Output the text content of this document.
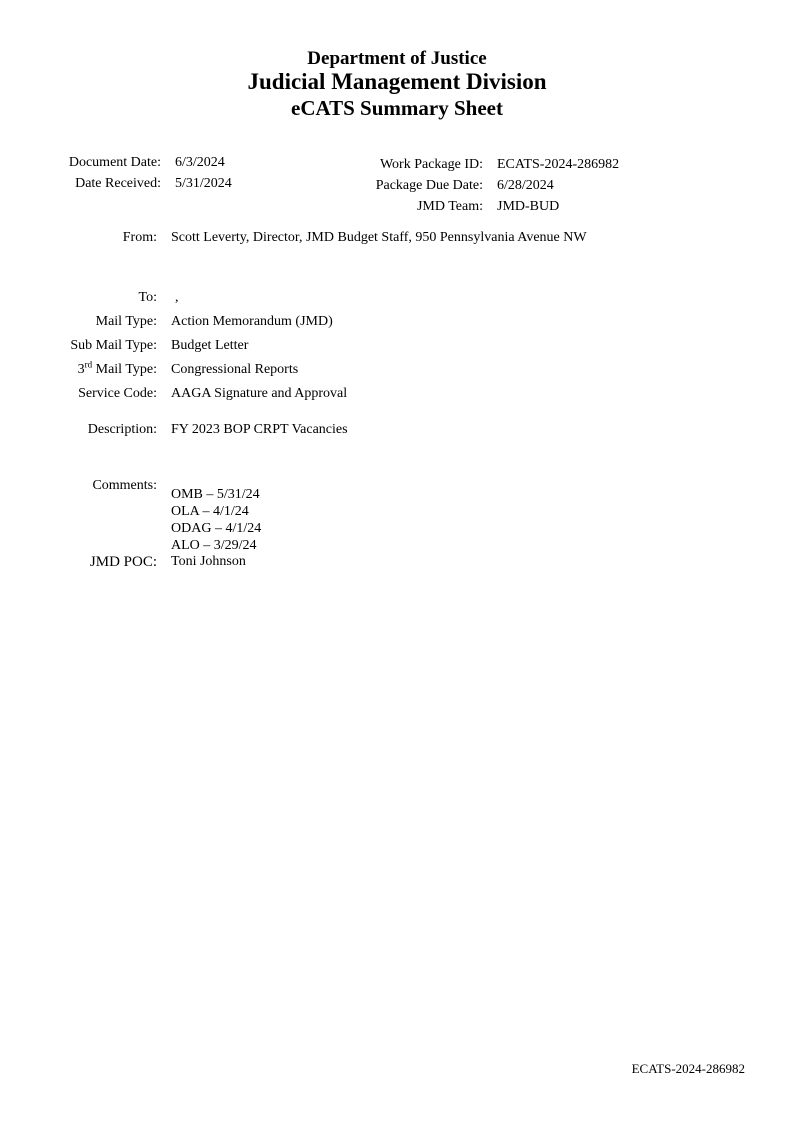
Department of Justice
Judicial Management Division
eCATS Summary Sheet
Document Date: 6/3/2024
Date Received: 5/31/2024
Work Package ID: ECATS-2024-286982
Package Due Date: 6/28/2024
JMD Team: JMD-BUD
From: Scott Leverty, Director, JMD Budget Staff, 950 Pennsylvania Avenue NW
To: ,
Mail Type: Action Memorandum (JMD)
Sub Mail Type: Budget Letter
3rd Mail Type: Congressional Reports
Service Code: AAGA Signature and Approval
Description: FY 2023 BOP CRPT Vacancies
Comments:
OMB – 5/31/24
OLA – 4/1/24
ODAG – 4/1/24
ALO – 3/29/24
JMD POC: Toni Johnson
ECATS-2024-286982
